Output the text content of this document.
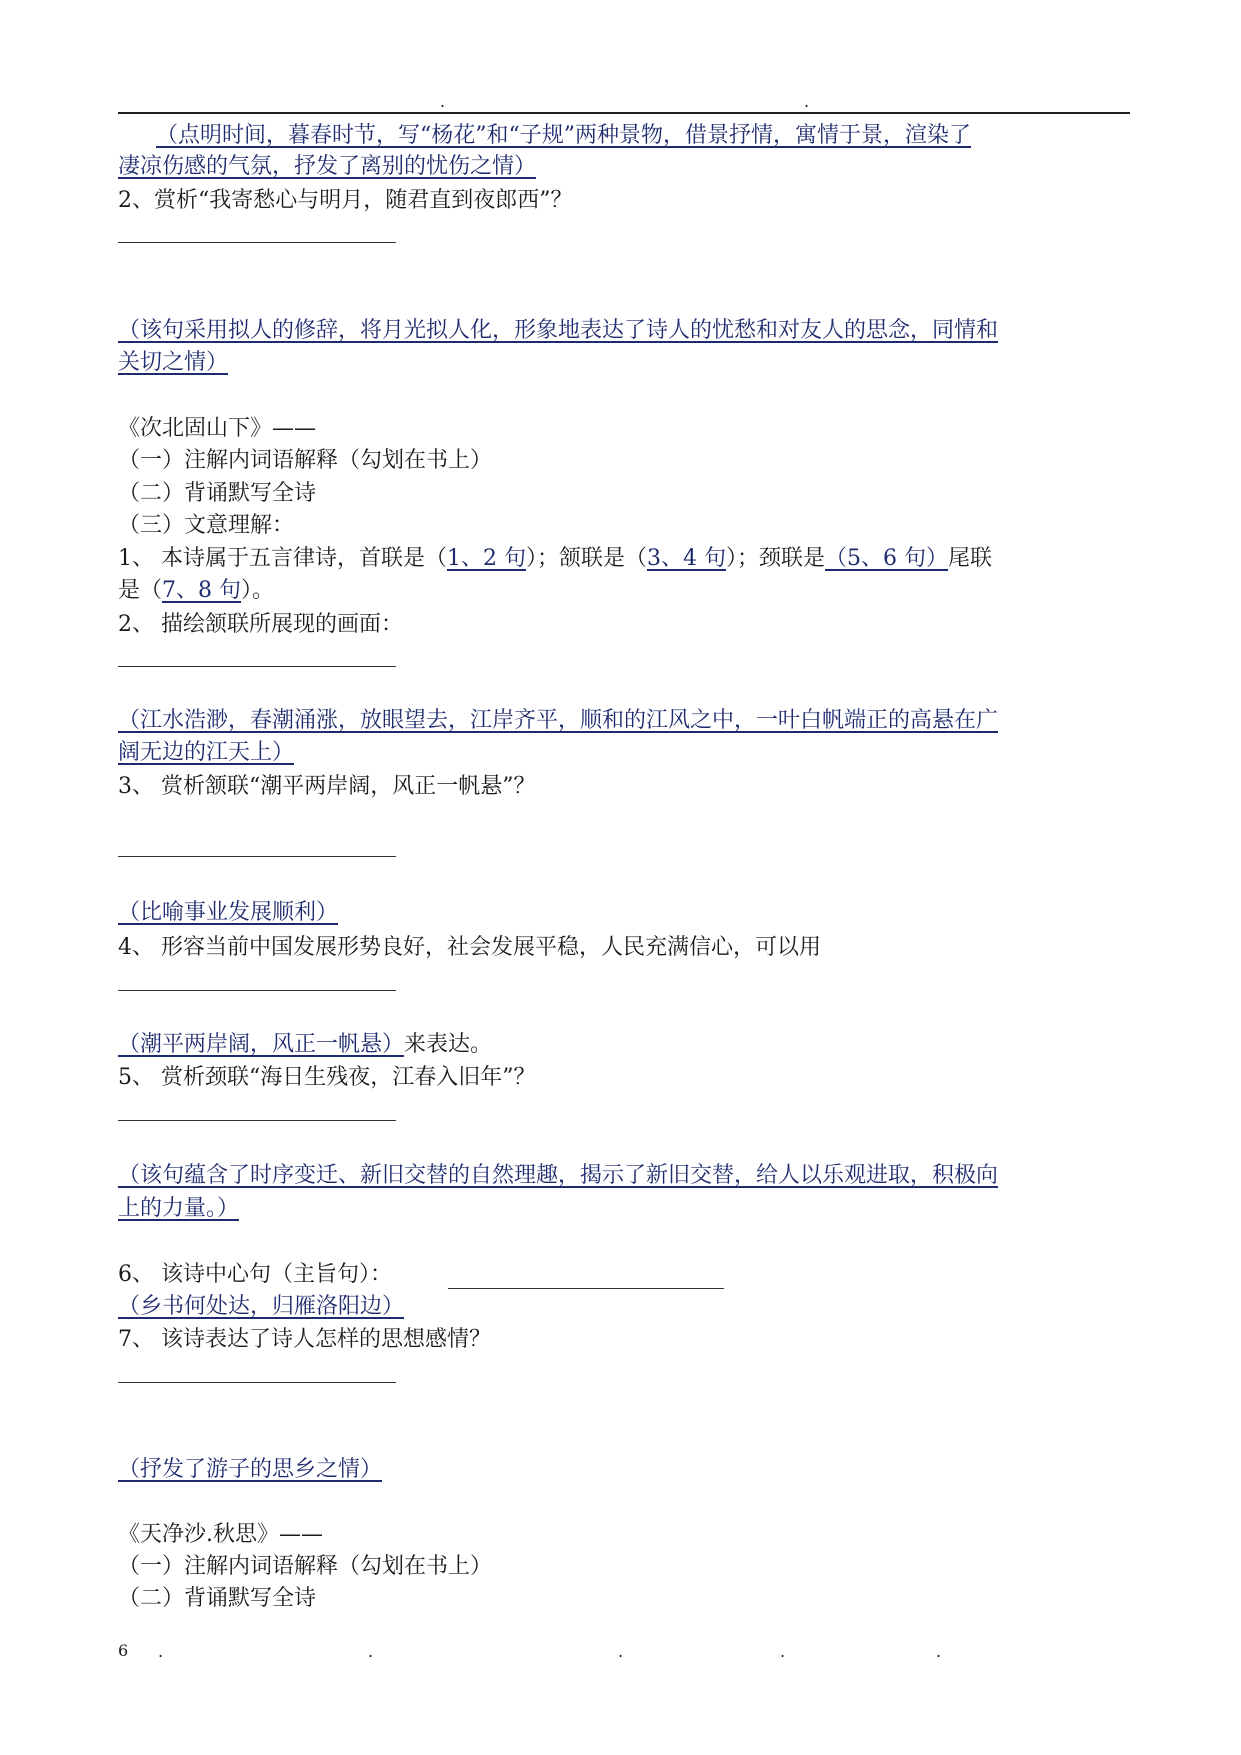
.	.
（点明时间，暮春时节，写“杨花”和“子规”两种景物，借景抒情，寓情于景，渲染了
凄凉伤感的气氛，抒发了离别的忧伤之情）
2、赏析“我寄愁心与明月，随君直到夜郎西”？
（该句采用拟人的修辞，将月光拟人化，形象地表达了诗人的忧愁和对友人的思念，同情和
关切之情）
《次北固山下》——
（一）注解内词语解释（勾划在书上）
（二）背诵默写全诗
（三）文意理解：
1、 本诗属于五言律诗，首联是（1、2 句）；颔联是（3、4 句）；颈联是（5、6 句）尾联
是（7、8 句）。
2、 描绘颔联所展现的画面：
（江水浩渺，春潮涌涨，放眼望去，江岸齐平，顺和的江风之中，一叶白帆端正的高悬在广
阔无边的江天上）
3、 赏析颔联“潮平两岸阔，风正一帆悬”？
（比喻事业发展顺利）
4、 形容当前中国发展形势良好，社会发展平稳，人民充满信心，可以用
（潮平两岸阔，风正一帆悬）来表达。
5、 赏析颈联“海日生残夜，江春入旧年”？
（该句蕴含了时序变迁、新旧交替的自然理趣，揭示了新旧交替，给人以乐观进取，积极向
上的力量。）
6、 该诗中心句（主旨句）：
（乡书何处达，归雁洛阳边）
7、 该诗表达了诗人怎样的思想感情？
（抒发了游子的思乡之情）
《天净沙.秋思》——
（一）注解内词语解释（勾划在书上）
（二）背诵默写全诗
6 .	.	.	.	.
